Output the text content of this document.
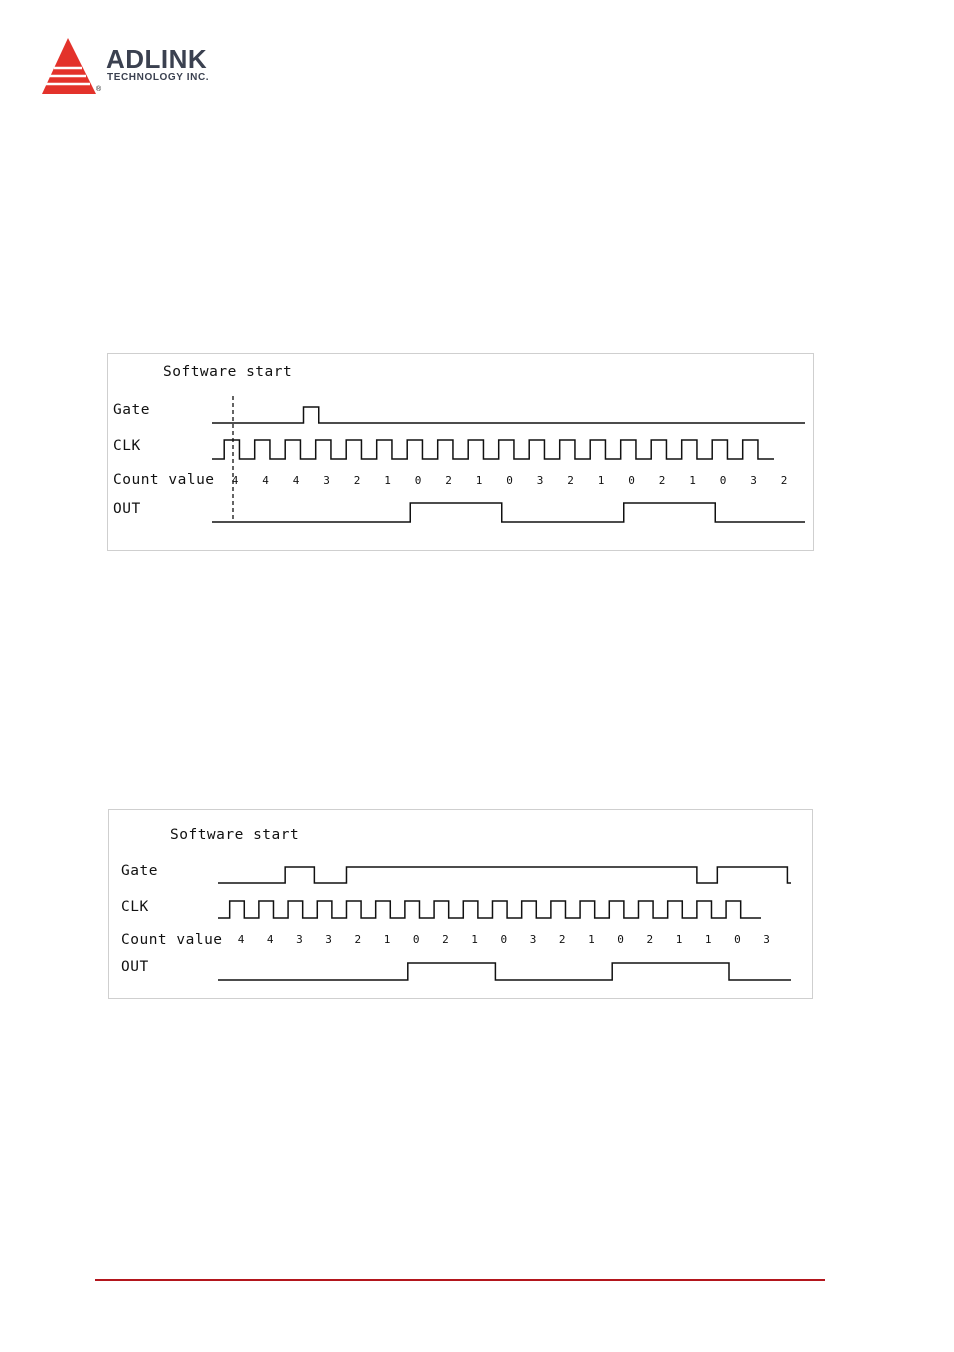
ADLINK
TECHNOLOGY INC.
®
Software start
Gate
CLK
Count value
OUT
4 4 4 3 2 1 0 2 1 0 3 2 1 0 2 1 0 3 2
Software start
Gate
CLK
Count value
OUT
4 4 3 3 2 1 0 2 1 0 3 2 1 0 2 1 1 0 3
